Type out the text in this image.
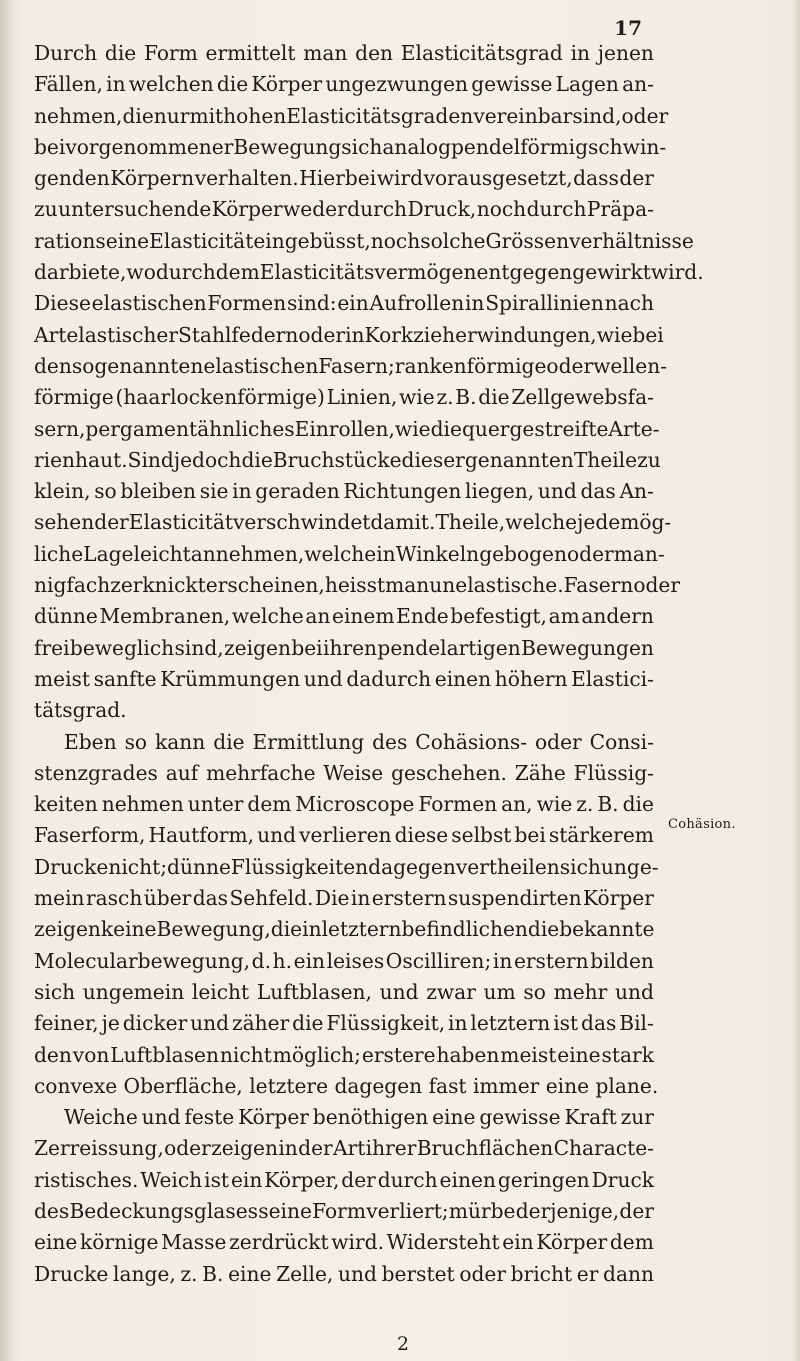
17
Durch die Form ermittelt man den Elasticitätsgrad in jenen
Fällen, in welchen die Körper ungezwungen gewisse Lagen an-
nehmen, die nur mit hohen Elasticitätsgraden vereinbar sind, oder
bei vorgenommener Bewegung sich analog pendelförmig schwin-
genden Körpern verhalten. Hierbei wird vorausgesetzt, dass der
zu untersuchende Körper weder durch Druck, noch durch Präpa-
ration seine Elasticität eingebüsst, noch solche Grössenverhältnisse
darbiete, wodurch dem Elasticitätsvermögen entgegen gewirkt wird.
Diese elastischen Formen sind: ein Aufrollen in Spirallinien nach
Art elastischer Stahlfedern oder in Korkzieherwindungen, wie bei
den sogenannten elastischen Fasern; rankenförmige oder wellen-
förmige (haarlockenförmige) Linien, wie z. B. die Zellgewebsfa-
sern, pergamentähnliches Einrollen, wie die quergestreifte Arte-
rienhaut. Sind jedoch die Bruchstücke dieser genannten Theile zu
klein, so bleiben sie in geraden Richtungen liegen, und das An-
sehen der Elasticität verschwindet damit. Theile, welche jede mög-
liche Lage leicht annehmen, welche in Winkeln gebogen oder man-
nigfach zerknickt erscheinen, heisst man unelastische. Fasern oder
dünne Membranen, welche an einem Ende befestigt, am andern
frei beweglich sind, zeigen bei ihren pendelartigen Bewegungen
meist sanfte Krümmungen und dadurch einen höhern Elastici-
tätsgrad.
Eben so kann die Ermittlung des Cohäsions- oder Consi-
stenzgrades auf mehrfache Weise geschehen. Zähe Flüssig-
keiten nehmen unter dem Microscope Formen an, wie z. B. die
Faserform, Hautform, und verlieren diese selbst bei stärkerem
Drucke nicht; dünne Flüssigkeiten dagegen vertheilen sich unge-
mein rasch über das Sehfeld. Die in erstern suspendirten Körper
zeigen keine Bewegung, die in letztern befindlichen die bekannte
Molecularbewegung, d. h. ein leises Oscilliren; in erstern bilden
sich ungemein leicht Luftblasen, und zwar um so mehr und
feiner, je dicker und zäher die Flüssigkeit, in letztern ist das Bil-
den von Luftblasen nicht möglich; erstere haben meist eine stark
convexe Oberfläche, letztere dagegen fast immer eine plane.
Weiche und feste Körper benöthigen eine gewisse Kraft zur
Zerreissung, oder zeigen in der Art ihrer Bruchflächen Characte-
ristisches. Weich ist ein Körper, der durch einen geringen Druck
des Bedeckungsglases seine Form verliert; mürbe derjenige, der
eine körnige Masse zerdrückt wird. Widersteht ein Körper dem
Drucke lange, z. B. eine Zelle, und berstet oder bricht er dann
Cohäsion.
2
